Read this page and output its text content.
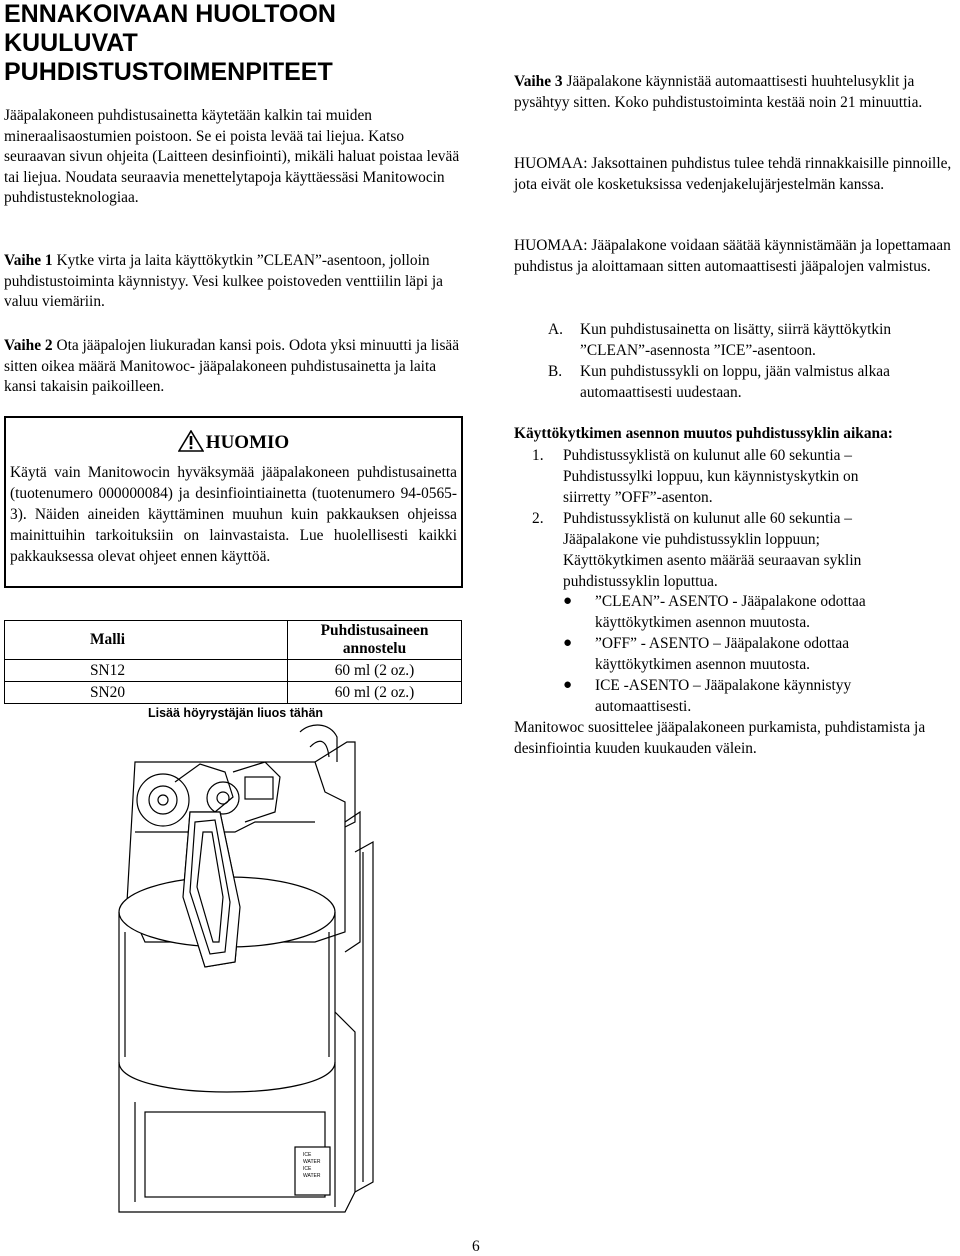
ENNAKOIVAAN HUOLTOON
KUULUVAT
PUHDISTUSTOIMENPITEET

Jääpalakoneen puhdistusainetta käytetään kalkin tai muiden mineraalisaostumien poistoon. Se ei poista levää tai liejua. Katso seuraavan sivun ohjeita (Laitteen desinfiointi), mikäli haluat poistaa levää tai liejua. Noudata seuraavia menettelytapoja käyttäessäsi Manitowocin puhdistusteknologiaa.

Vaihe 1 Kytke virta ja laita käyttökytkin ”CLEAN”-asentoon, jolloin puhdistustoiminta käynnistyy. Vesi kulkee poistoveden venttiilin läpi ja valuu viemäriin.

Vaihe 2 Ota jääpalojen liukuradan kansi pois. Odota yksi minuutti ja lisää sitten oikea määrä Manitowoc- jääpalakoneen puhdistusainetta ja laita kansi takaisin paikoilleen.

HUOMIO

Käytä vain Manitowocin hyväksymää jääpalakoneen puhdistusainetta (tuotenumero 000000084) ja desinfiointiainetta (tuotenumero 94-0565-3). Näiden aineiden käyttäminen muuhun kuin pakkauksen ohjeissa mainittuihin tarkoituksiin on lainvastaista. Lue huolellisesti kaikki pakkauksessa olevat ohjeet ennen käyttöä.

Malli	Puhdistusaineen annostelu
SN12	60 ml (2 oz.)
SN20	60 ml (2 oz.)
Lisää höyrystäjän liuos tähän
ICE
WATER
ICE
WATER

Vaihe 3 Jääpalakone käynnistää automaattisesti huuhtelusyklit ja pysähtyy sitten. Koko puhdistustoiminta kestää noin 21 minuuttia.

HUOMAA: Jaksottainen puhdistus tulee tehdä rinnakkaisille pinnoille, jota eivät ole kosketuksissa vedenjakelujärjestelmän kanssa.

HUOMAA: Jääpalakone voidaan säätää käynnistämään ja lopettamaan puhdistus ja aloittamaan sitten automaattisesti jääpalojen valmistus.

A. Kun puhdistusainetta on lisätty, siirrä käyttökytkin ”CLEAN”-asennosta ”ICE”-asentoon.
B. Kun puhdistussykli on loppu, jään valmistus alkaa automaattisesti uudestaan.

Käyttökytkimen asennon muutos puhdistussyklin aikana:

1. Puhdistussyklistä on kulunut alle 60 sekuntia – Puhdistussylki loppuu, kun käynnistyskytkin on siirretty ”OFF”-asenton.
2. Puhdistussyklistä on kulunut alle 60 sekuntia – Jääpalakone vie puhdistussyklin loppuun; Käyttökytkimen asento määrää seuraavan syklin puhdistussyklin loputtua.
● ”CLEAN”- ASENTO - Jääpalakone odottaa käyttökytkimen asennon muutosta.
● ”OFF” - ASENTO – Jääpalakone odottaa käyttökytkimen asennon muutosta.
● ICE -ASENTO – Jääpalakone käynnistyy automaattisesti.

Manitowoc suosittelee jääpalakoneen purkamista, puhdistamista ja desinfiointia kuuden kuukauden välein.

6
